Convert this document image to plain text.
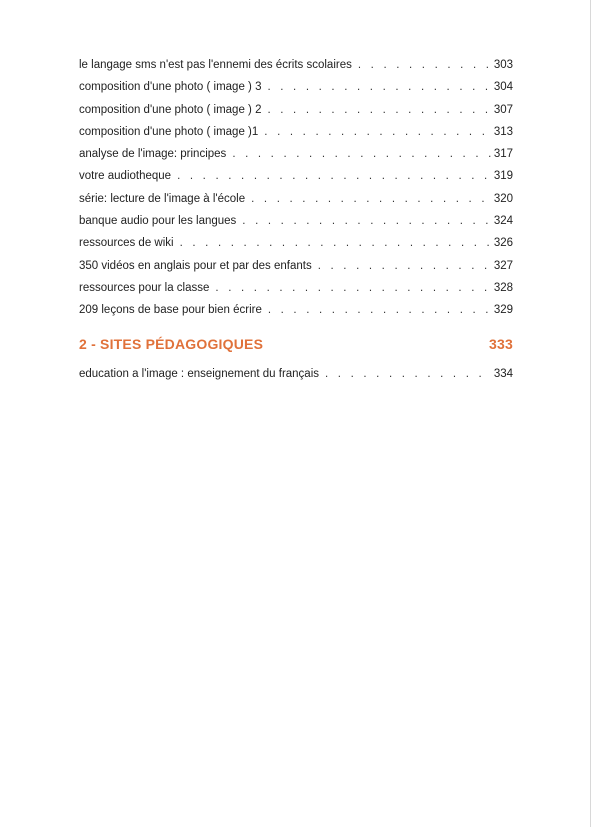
le langage sms n'est pas l'ennemi des écrits scolaires . . .	303
composition d'une photo ( image ) 3 . . .	304
composition d'une photo ( image ) 2 . . .	307
composition d'une photo ( image )1 . . .	313
analyse de l'image: principes . . .	317
votre audiotheque . . .	319
série: lecture de l'image à l'école . . .	320
banque audio pour les langues . . .	324
ressources de wiki . . .	326
350 vidéos en anglais pour et par des enfants . . .	327
ressources pour la classe . . .	328
209 leçons de base pour bien écrire . . .	329
2 - SITES PÉDAGOGIQUES	333
education a l'image : enseignement du français . . .	334
